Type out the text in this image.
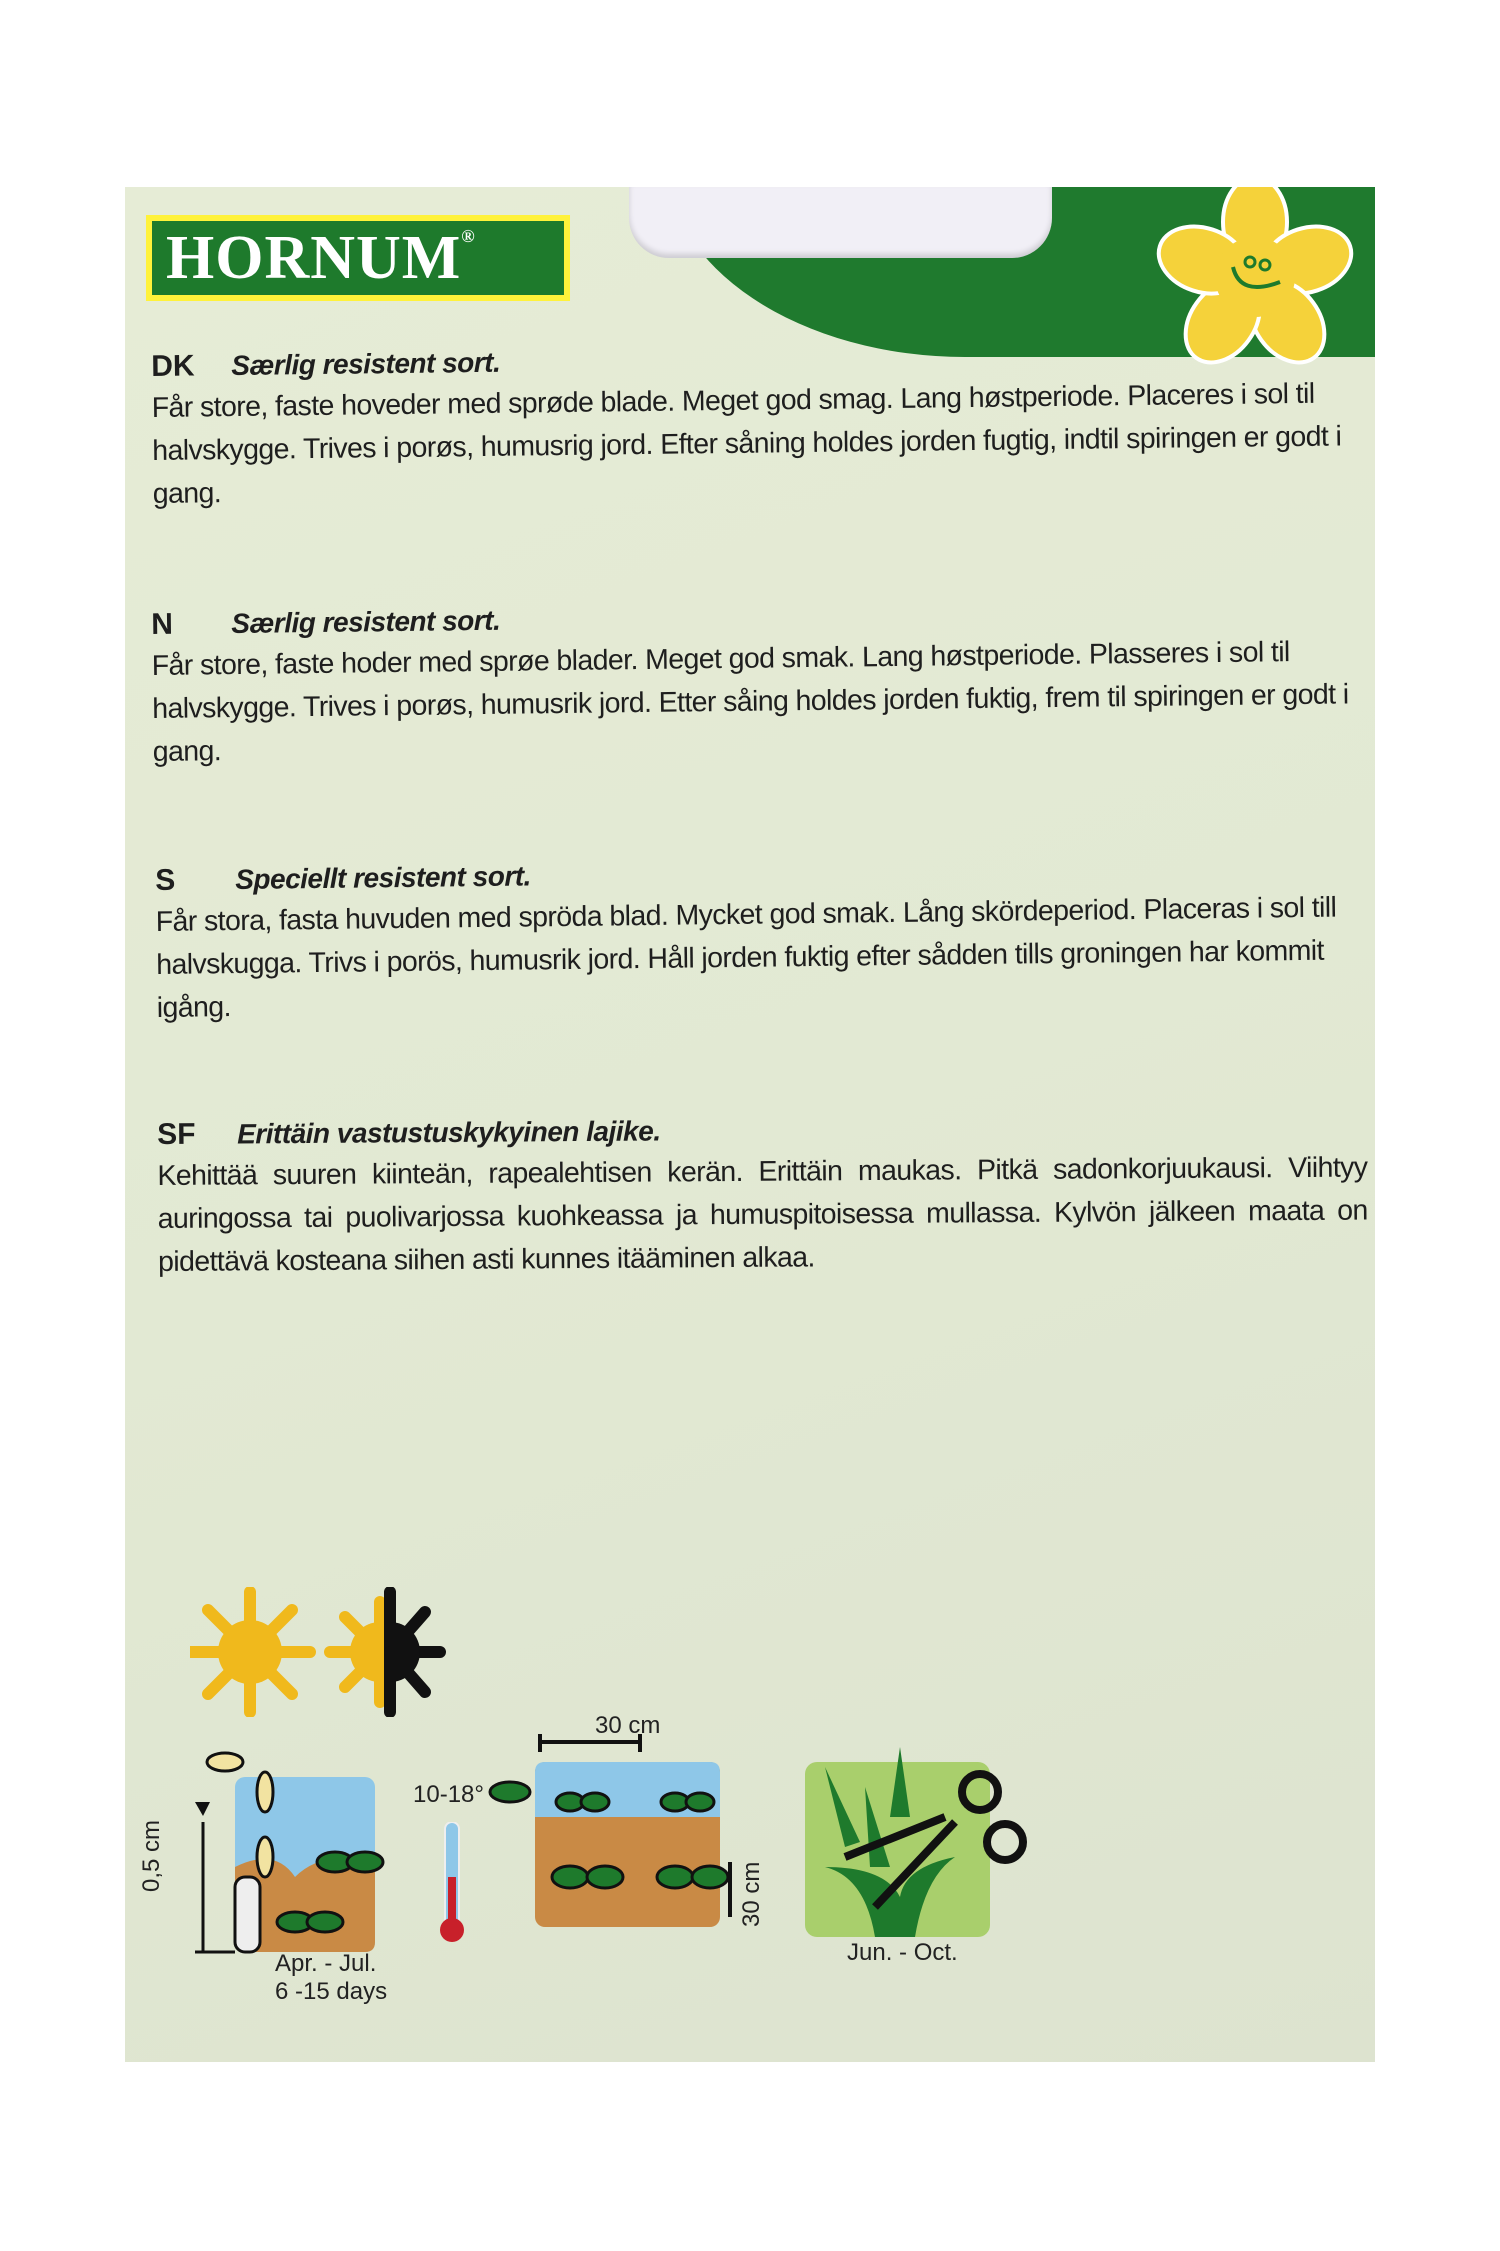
HORNUM®
DK Særlig resistent sort.

Får store, faste hoveder med sprøde blade. Meget god smag. Lang høstperiode. Placeres i sol til halvskygge. Trives i porøs, humusrig jord. Efter såning holdes jorden fugtig, indtil spiringen er godt i gang.

N Særlig resistent sort.

Får store, faste hoder med sprøe blader. Meget god smak. Lang høstperiode. Plasseres i sol til halvskygge. Trives i porøs, humusrik jord. Etter såing holdes jorden fuktig, frem til spiringen er godt i gang.

S Speciellt resistent sort.

Får stora, fasta huvuden med spröda blad. Mycket god smak. Lång skördeperiod. Placeras i sol till halvskugga. Trivs i porös, humusrik jord. Håll jorden fuktig efter sådden tills groningen har kommit igång.

SF Erittäin vastustuskykyinen lajike.

Kehittää suuren kiinteän, rapealehtisen kerän. Erittäin maukas. Pitkä sadonkorjuukausi. Viihtyy auringossa tai puolivarjossa kuohkeassa ja humuspitoisessa mullassa. Kylvön jälkeen maata on pidettävä kosteana siihen asti kunnes itääminen alkaa.

0,5 cm
10-18°
Apr. - Jul.
6 -15 days
30 cm
30 cm
Jun. - Oct.
